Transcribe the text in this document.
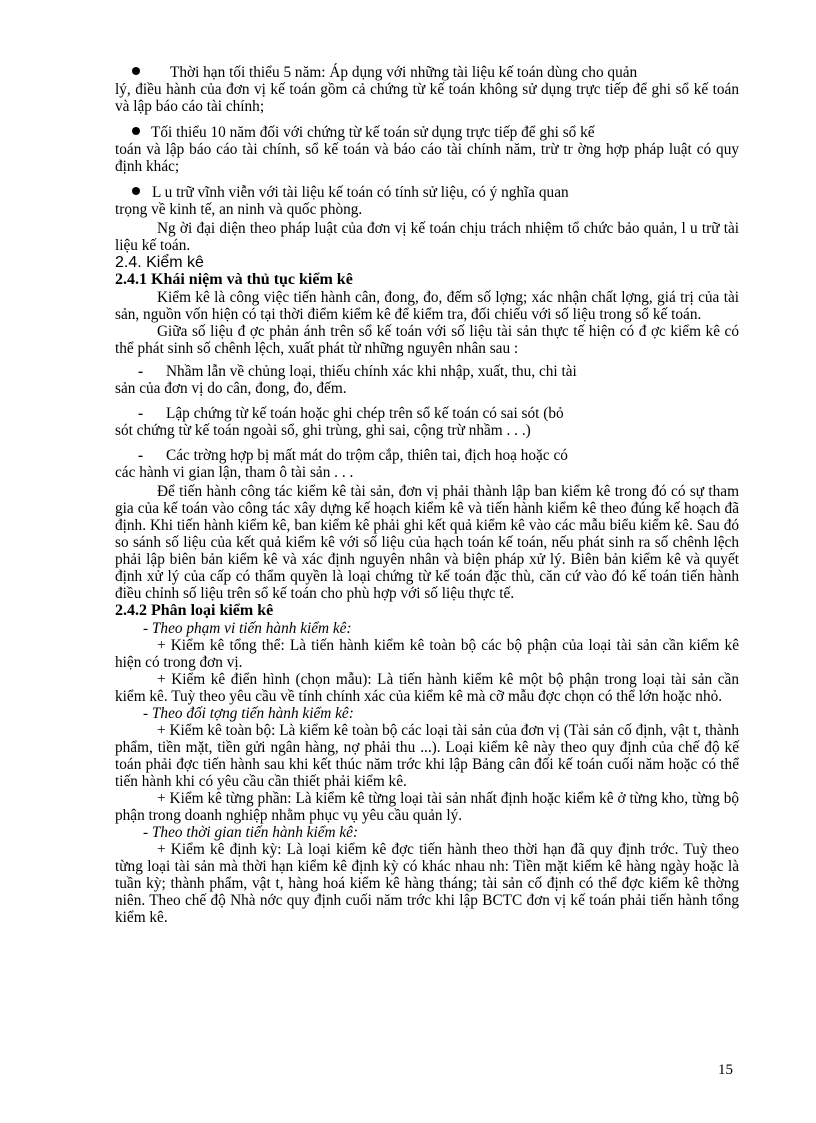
Thời hạn tối thiểu 5 năm: Áp dụng với những tài liệu kế toán dùng cho quản

lý, điều hành của đơn vị kế toán gồm cả chứng từ kế toán không sử dụng trực tiếp để ghi sổ kế toán và lập báo cáo tài chính;

Tối thiểu 10 năm đối với chứng từ kế toán sử dụng trực tiếp để ghi sổ kế

toán và lập báo cáo tài chính, sổ kế toán và báo cáo tài chính năm, trừ tr ờng hợp pháp luật có quy định khác;

L u trữ vĩnh viễn với tài liệu kế toán có tính sử liệu, có ý nghĩa quan

trọng về kinh tế, an ninh và quốc phòng.

Ng ời đại diện theo pháp luật của đơn vị kế toán chịu trách nhiệm tổ chức bảo quản, l u trữ tài liệu kế toán.

2.4. Kiểm kê

2.4.1 Khái niệm và thủ tục kiểm kê

Kiểm kê là công việc tiến hành cân, đong, đo, đếm số lợng; xác nhận chất lợng, giá trị của tài sản, nguồn vốn hiện có tại thời điểm kiểm kê để kiểm tra, đối chiếu với số liệu trong sổ kế toán.

Giữa số liệu đ ợc phản ánh trên sổ kế toán với số liệu tài sản thực tế hiện có đ ợc kiểm kê có thể phát sinh số chênh lệch, xuất phát từ những nguyên nhân sau :

-Nhầm lẫn về chủng loại, thiếu chính xác khi nhập, xuất, thu, chi tài

sản của đơn vị do cân, đong, đo, đếm.

-Lập chứng từ kế toán hoặc ghi chép trên sổ kế toán có sai sót (bỏ

sót chứng từ kế toán ngoài sổ, ghi trùng, ghi sai, cộng trừ nhầm . . .)

-Các trờng hợp bị mất mát do trộm cắp, thiên tai, địch hoạ hoặc có

các hành vi gian lận, tham ô tài sản . . .

Để tiến hành công tác kiểm kê tài sản, đơn vị phải thành lập ban kiểm kê trong đó có sự tham gia của kế toán vào công tác xây dựng kế hoạch kiểm kê và tiến hành kiểm kê theo đúng kế hoạch đã định. Khi tiến hành kiểm kê, ban kiểm kê phải ghi kết quả kiểm kê vào các mẫu biểu kiểm kê. Sau đó so sánh số liệu của kết quả kiểm kê với số liệu của hạch toán kế toán, nếu phát sinh ra số chênh lệch phải lập biên bản kiểm kê và xác định nguyên nhân và biện pháp xử lý. Biên bản kiểm kê và quyết định xử lý của cấp có thẩm quyền là loại chứng từ kế toán đặc thù, căn cứ vào đó kế toán tiến hành điều chỉnh số liệu trên sổ kế toán cho phù hợp với số liệu thực tế.

2.4.2 Phân loại kiểm kê

- Theo phạm vi tiến hành kiểm kê:

+ Kiểm kê tổng thể: Là tiến hành kiểm kê toàn bộ các bộ phận của loại tài sản cần kiểm kê hiện có trong đơn vị.

+ Kiểm kê điển hình (chọn mẫu): Là tiến hành kiểm kê một bộ phận trong loại tài sản cần kiểm kê. Tuỳ theo yêu cầu về tính chính xác của kiểm kê mà cỡ mẫu đợc chọn có thể lớn hoặc nhỏ.

- Theo đối tợng tiến hành kiểm kê:

+ Kiểm kê toàn bộ: Là kiểm kê toàn bộ các loại tài sản của đơn vị (Tài sản cố định, vật t, thành phẩm, tiền mặt, tiền gửi ngân hàng, nợ phải thu ...). Loại kiểm kê này theo quy định của chế độ kế toán phải đợc tiến hành sau khi kết thúc năm trớc khi lập Bảng cân đối kế toán cuối năm hoặc có thể tiến hành khi có yêu cầu cần thiết phải kiểm kê.

+ Kiểm kê từng phần: Là kiểm kê từng loại tài sản nhất định hoặc kiểm kê ở từng kho, từng bộ phận trong doanh nghiệp nhằm phục vụ yêu cầu quản lý.

- Theo thời gian tiến hành kiểm kê:

+ Kiểm kê định kỳ: Là loại kiểm kê đợc tiến hành theo thời hạn đã quy định trớc. Tuỳ theo từng loại tài sản mà thời hạn kiểm kê định kỳ có khác nhau nh: Tiền mặt kiểm kê hàng ngày hoặc là tuần kỳ; thành phẩm, vật t, hàng hoá kiểm kê hàng tháng; tài sản cố định có thể đợc kiểm kê thờng niên. Theo chế độ Nhà nớc quy định cuối năm trớc khi lập BCTC đơn vị kế toán phải tiến hành tổng kiểm kê.

15
